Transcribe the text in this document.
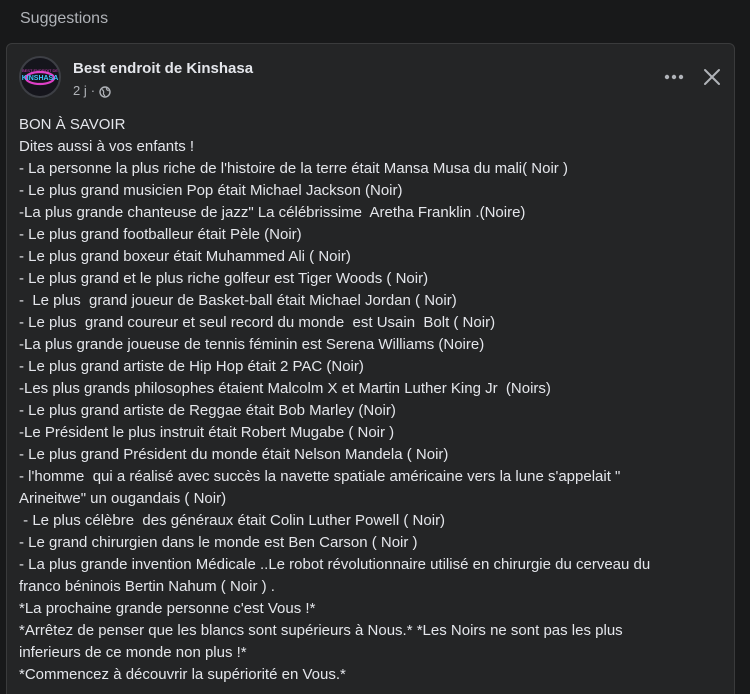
Suggestions
BEST ENDROIT DE
KINSHASA
Best endroit de Kinshasa
2 j ·

BON À SAVOIR

Dites aussi à vos enfants !

- La personne la plus riche de l'histoire de la terre était Mansa Musa du mali( Noir )

- Le plus grand musicien Pop était Michael Jackson (Noir)

-La plus grande chanteuse de jazz" La célébrissime  Aretha Franklin .(Noire)

- Le plus grand footballeur était Pèle (Noir)

- Le plus grand boxeur était Muhammed Ali ( Noir)

- Le plus grand et le plus riche golfeur est Tiger Woods ( Noir)

-  Le plus  grand joueur de Basket-ball était Michael Jordan ( Noir)

- Le plus  grand coureur et seul record du monde  est Usain  Bolt ( Noir)

-La plus grande joueuse de tennis féminin est Serena Williams (Noire)

- Le plus grand artiste de Hip Hop était 2 PAC (Noir)

-Les plus grands philosophes étaient Malcolm X et Martin Luther King Jr  (Noirs)

- Le plus grand artiste de Reggae était Bob Marley (Noir)

-Le Président le plus instruit était Robert Mugabe ( Noir )

- Le plus grand Président du monde était Nelson Mandela ( Noir)

- l'homme  qui a réalisé avec succès la navette spatiale américaine vers la lune s'appelait "

Arineitwe" un ougandais ( Noir)

- Le plus célèbre  des généraux était Colin Luther Powell ( Noir)

- Le grand chirurgien dans le monde est Ben Carson ( Noir )

- La plus grande invention Médicale ..Le robot révolutionnaire utilisé en chirurgie du cerveau du

franco béninois Bertin Nahum ( Noir ) .

*La prochaine grande personne c'est Vous !*

*Arrêtez de penser que les blancs sont supérieurs à Nous.* *Les Noirs ne sont pas les plus

inferieurs de ce monde non plus !*

*Commencez à découvrir la supériorité en Vous.*
